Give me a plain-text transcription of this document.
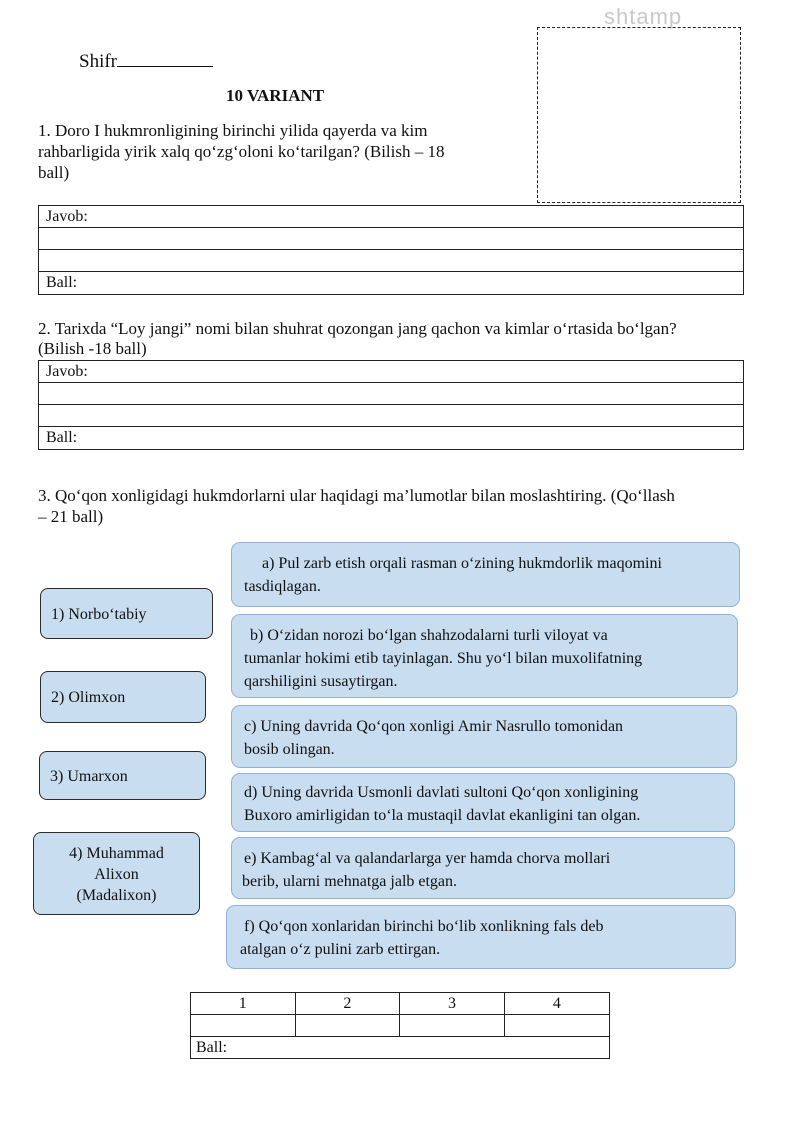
shtamp
Shifr
10 VARIANT
1. Doro I hukmronligining birinchi yilida qayerda va kim
rahbarligida yirik xalq qo‘zg‘oloni ko‘tarilgan? (Bilish – 18
ball)
Javob:
Ball:
2. Tarixda “Loy jangi” nomi bilan shuhrat qozongan jang qachon va kimlar o‘rtasida bo‘lgan?
(Bilish -18 ball)
Javob:
Ball:
3. Qo‘qon xonligidagi hukmdorlarni ular haqidagi ma’lumotlar bilan moslashtiring. (Qo‘llash
– 21 ball)
1) Norbo‘tabiy
2) Olimxon
3) Umarxon
4) Muhammad
Alixon
(Madalixon)
a) Pul zarb etish orqali rasman o‘zining hukmdorlik maqomini
tasdiqlagan.
b) O‘zidan norozi bo‘lgan shahzodalarni turli viloyat va
tumanlar hokimi etib tayinlagan. Shu yo‘l bilan muxolifatning
qarshiligini susaytirgan.
c) Uning davrida Qo‘qon xonligi Amir Nasrullo tomonidan
bosib olingan.
d) Uning davrida Usmonli davlati sultoni Qo‘qon xonligining
Buxoro amirligidan to‘la mustaqil davlat ekanligini tan olgan.
e) Kambag‘al va qalandarlarga yer hamda chorva mollari
berib, ularni mehnatga jalb etgan.
f) Qo‘qon xonlaridan birinchi bo‘lib xonlikning fals deb
atalgan o‘z pulini zarb ettirgan.
1	2	3	4

Ball:			
